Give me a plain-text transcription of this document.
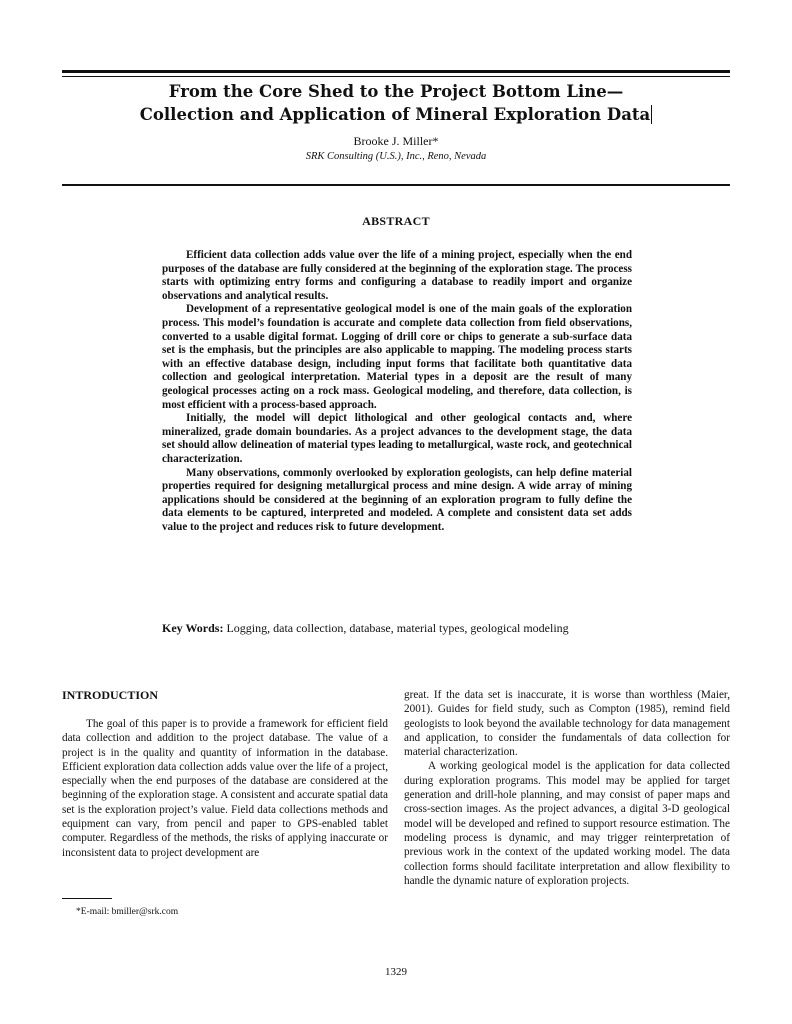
From the Core Shed to the Project Bottom Line—
Collection and Application of Mineral Exploration Data
Brooke J. Miller*
SRK Consulting (U.S.), Inc., Reno, Nevada
ABSTRACT

Efficient data collection adds value over the life of a mining project, especially when the end purposes of the database are fully considered at the beginning of the exploration stage. The process starts with optimizing entry forms and configuring a database to readily import and organize observations and analytical results.

Development of a representative geological model is one of the main goals of the exploration process. This model’s foundation is accurate and complete data collection from field observations, converted to a usable digital format. Logging of drill core or chips to generate a sub-surface data set is the emphasis, but the principles are also applicable to mapping. The modeling process starts with an effective database design, including input forms that facilitate both quantitative data collection and geological interpretation. Material types in a deposit are the result of many geological processes acting on a rock mass. Geological modeling, and therefore, data collection, is most efficient with a process-based approach.

Initially, the model will depict lithological and other geological contacts and, where mineralized, grade domain boundaries. As a project advances to the development stage, the data set should allow delineation of material types leading to metallurgical, waste rock, and geotechnical characterization.

Many observations, commonly overlooked by exploration geologists, can help define material properties required for designing metallurgical process and mine design. A wide array of mining applications should be considered at the beginning of an exploration program to fully define the data elements to be captured, interpreted and modeled. A complete and consistent data set adds value to the project and reduces risk to future development.

Key Words: Logging, data collection, database, material types, geological modeling
INTRODUCTION

The goal of this paper is to provide a framework for efficient field data collection and addition to the project database. The value of a project is in the quality and quantity of information in the database. Efficient exploration data collection adds value over the life of a project, especially when the end purposes of the database are considered at the beginning of the exploration stage. A consistent and accurate spatial data set is the exploration project’s value. Field data collections methods and equipment can vary, from pencil and paper to GPS-enabled tablet computer. Regardless of the methods, the risks of applying inaccurate or inconsistent data to project development are

great. If the data set is inaccurate, it is worse than worthless (Maier, 2001). Guides for field study, such as Compton (1985), remind field geologists to look beyond the available technology for data management and application, to consider the fundamentals of data collection for material characterization.

A working geological model is the application for data collected during exploration programs. This model may be applied for target generation and drill-hole planning, and may consist of paper maps and cross-section images. As the project advances, a digital 3-D geological model will be developed and refined to support resource estimation. The modeling process is dynamic, and may trigger reinterpretation of previous work in the context of the updated working model. The data collection forms should facilitate interpretation and allow flexibility to handle the dynamic nature of exploration projects.

*E-mail: bmiller@srk.com
1329
